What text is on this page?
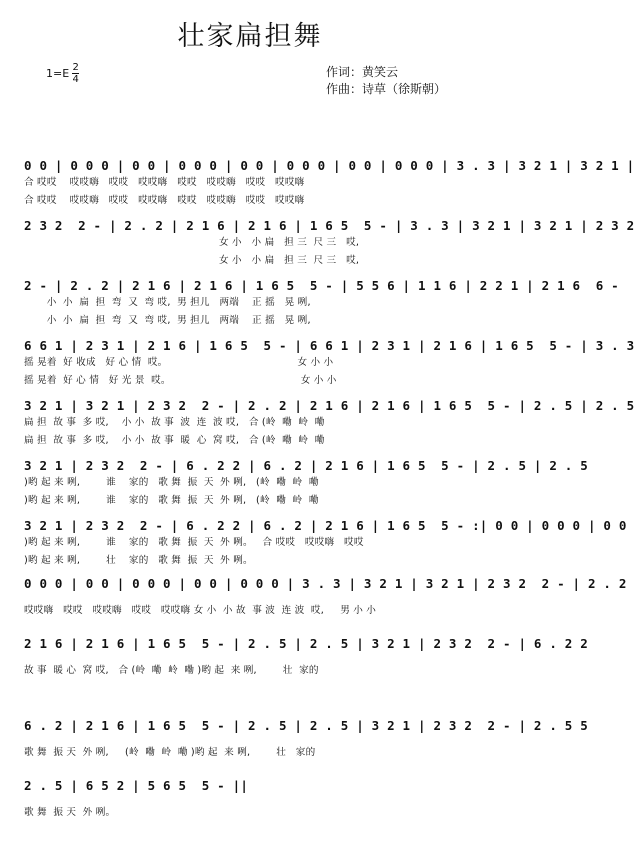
壮家扁担舞
$1=E \frac{2}{4}$	作词：黄笑云
作曲：诗草（徐斯朝）
0 0 | 0 0 0 | 0 0 | 0 0 0 | 0 0 | 0 0 0 | 0 0 | 0 0 0 | 3 . 3 | 3 2 1 | 3 2 1 |
合 哎哎    哎哎嗨   哎哎   哎哎嗨   哎哎   哎哎嗨   哎哎   哎哎嗨
合 哎哎    哎哎嗨   哎哎   哎哎嗨   哎哎   哎哎嗨   哎哎   哎哎嗨
2 3 2  2 - | 2 . 2 | 2 1 6 | 2 1 6 | 1 6 5  5 - | 3 . 3 | 3 2 1 | 3 2 1 | 2 3 2
女 小   小 扁   担 三  尺 三   哎,
女 小   小 扁   担 三  尺 三   哎,
2 - | 2 . 2 | 2 1 6 | 2 1 6 | 1 6 5  5 - | 5 5 6 | 1 1 6 | 2 2 1 | 2 1 6  6 -
小  小  扁  担  弯  又  弯 哎,  男 担儿   两端    正 摇   晃 咧,
小  小  扁  担  弯  又  弯 哎,  男 担儿   两端    正 摇   晃 咧,
6 6 1 | 2 3 1 | 2 1 6 | 1 6 5  5 - | 6 6 1 | 2 3 1 | 2 1 6 | 1 6 5  5 - | 3 . 3
摇 晃着  好 收成   好 心 情  哎。                                        女 小 小
摇 晃着  好 心 情   好 光 景  哎。                                        女 小 小
3 2 1 | 3 2 1 | 2 3 2  2 - | 2 . 2 | 2 1 6 | 2 1 6 | 1 6 5  5 - | 2 . 5 | 2 . 5
扁 担  故 事  多 哎,    小 小  故 事  波  连  波 哎,   合 (岭  嘞  岭  嘞
扁 担  故 事  多 哎,    小 小  故 事  暖  心  窝 哎,   合 (岭  嘞  岭  嘞
3 2 1 | 2 3 2  2 - | 6 . 2 2 | 6 . 2 | 2 1 6 | 1 6 5  5 - | 2 . 5 | 2 . 5
)哟 起 来 咧,        谁    家的   歌 舞  振  天  外 咧,   (岭  嘞  岭  嘞
)哟 起 来 咧,        谁    家的   歌 舞  振  天  外 咧,   (岭  嘞  岭  嘞
3 2 1 | 2 3 2  2 - | 6 . 2 2 | 6 . 2 | 2 1 6 | 1 6 5  5 - :| 0 0 | 0 0 0 | 0 0
)哟 起 来 咧,        谁    家的   歌 舞  振  天  外 咧。   合 哎哎   哎哎嗨   哎哎
)哟 起 来 咧,        壮    家的   歌 舞  振  天  外 咧。
0 0 0 | 0 0 | 0 0 0 | 0 0 | 0 0 0 | 3 . 3 | 3 2 1 | 3 2 1 | 2 3 2  2 - | 2 . 2
哎哎嗨   哎哎   哎哎嗨   哎哎   哎哎嗨 女 小  小 故  事 波  连 波  哎,     男 小 小
2 1 6 | 2 1 6 | 1 6 5  5 - | 2 . 5 | 2 . 5 | 3 2 1 | 2 3 2  2 - | 6 . 2 2
故 事  暖 心  窝 哎,   合 (岭  嘞  岭  嘞 )哟 起  来 咧,        壮  家的
6 . 2 | 2 1 6 | 1 6 5  5 - | 2 . 5 | 2 . 5 | 3 2 1 | 2 3 2  2 - | 2 . 5 5
歌 舞  振 天  外 咧,     (岭  嘞  岭  嘞 )哟 起  来 咧,        壮   家的
2 . 5 | 6 5 2 | 5 6 5  5 - ||
歌 舞  振 天  外 咧。
